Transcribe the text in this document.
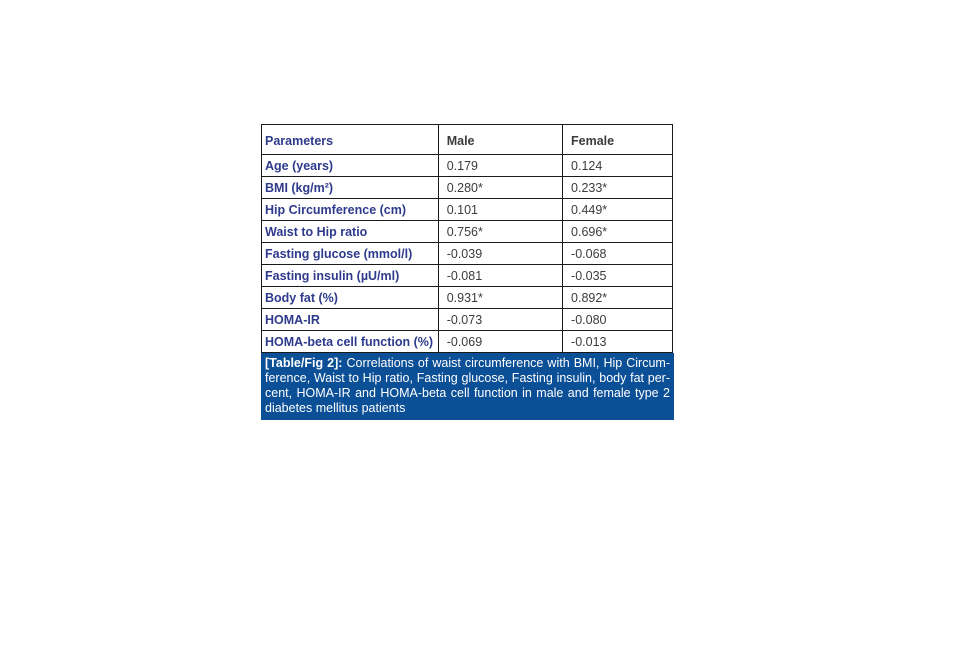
Parameters	Male	Female
Age (years)	0.179	0.124
BMI (kg/m²)	0.280*	0.233*
Hip Circumference (cm)	0.101	0.449*
Waist to Hip ratio	0.756*	0.696*
Fasting glucose (mmol/l)	-0.039	-0.068
Fasting insulin (µU/ml)	-0.081	-0.035
Body fat (%)	0.931*	0.892*
HOMA-IR	-0.073	-0.080
HOMA-beta cell function (%)	-0.069	-0.013
[Table/Fig 2]: Correlations of waist circumference with BMI, Hip Circum-ference, Waist to Hip ratio, Fasting glucose, Fasting insulin, body fat per-cent, HOMA-IR and HOMA-beta cell function in male and female type 2 diabetes mellitus patients
